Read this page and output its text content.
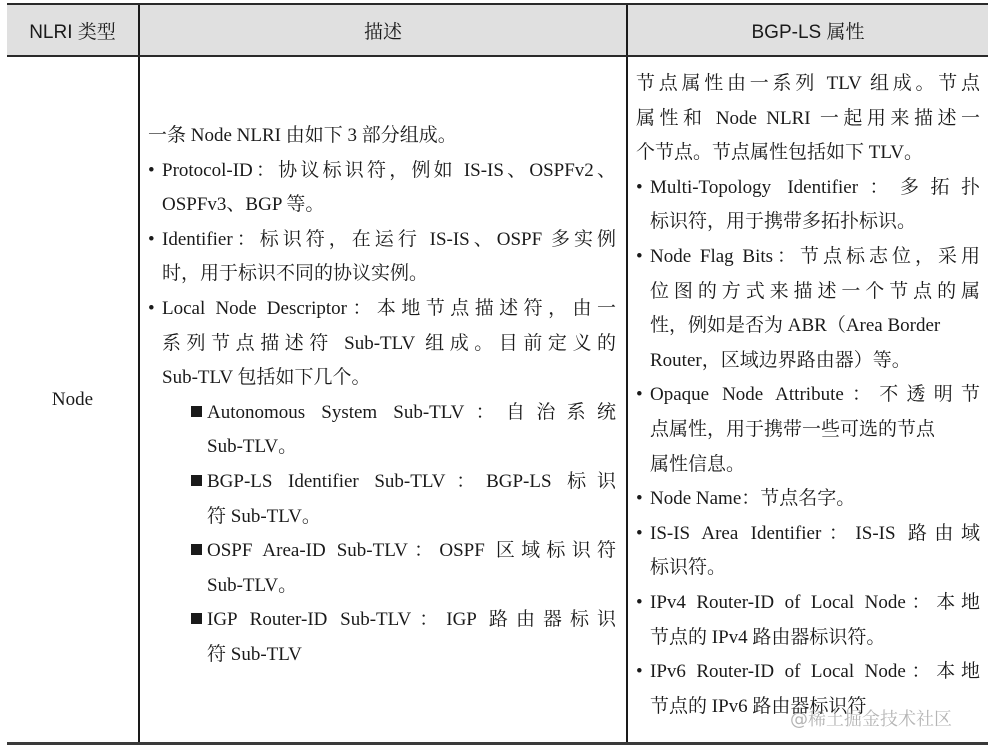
NLRI 类型	描述	BGP-LS 属性
Node
一条 Node NLRI 由如下 3 部分组成。
• Protocol-ID：协议标识符，例如 IS-IS、OSPFv2、
OSPFv3、BGP 等。
• Identifier：标识符，在运行 IS-IS、OSPF 多实例
时，用于标识不同的协议实例。
• Local Node Descriptor：本地节点描述符，由一
系列节点描述符 Sub-TLV 组成。目前定义的
Sub-TLV 包括如下几个。
Autonomous System Sub-TLV：自治系统
Sub-TLV。
BGP-LS Identifier Sub-TLV：BGP-LS 标识
符 Sub-TLV。
OSPF Area-ID Sub-TLV：OSPF 区域标识符
Sub-TLV。
IGP Router-ID Sub-TLV：IGP 路由器标识
符 Sub-TLV
节点属性由一系列 TLV 组成。节点
属性和 Node NLRI 一起用来描述一
个节点。节点属性包括如下 TLV。
• Multi-Topology Identifier：多拓扑
标识符，用于携带多拓扑标识。
• Node Flag Bits：节点标志位，采用
位图的方式来描述一个节点的属
性，例如是否为 ABR（Area Border
Router，区域边界路由器）等。
• Opaque Node Attribute：不透明节
点属性，用于携带一些可选的节点
属性信息。
• Node Name：节点名字。
• IS-IS Area Identifier：IS-IS 路由域
标识符。
• IPv4 Router-ID of Local Node：本地
节点的 IPv4 路由器标识符。
• IPv6 Router-ID of Local Node：本地
节点的 IPv6 路由器标识符
@稀土掘金技术社区
